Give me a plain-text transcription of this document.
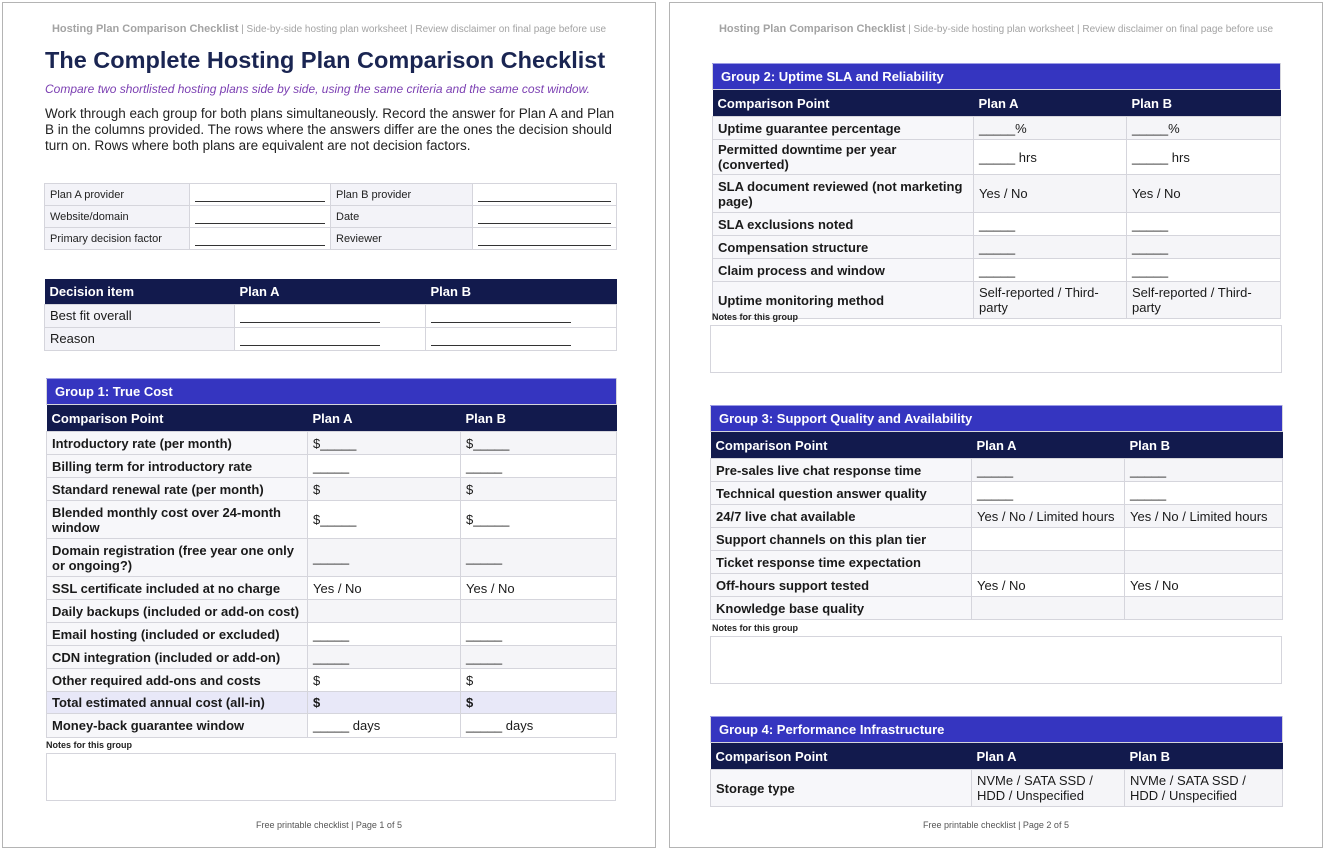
Hosting Plan Comparison Checklist | Side-by-side hosting plan worksheet | Review disclaimer on final page before use
The Complete Hosting Plan Comparison Checklist
Compare two shortlisted hosting plans side by side, using the same criteria and the same cost window.
Work through each group for both plans simultaneously. Record the answer for Plan A and Plan B in the columns provided. The rows where the answers differ are the ones the decision should turn on. Rows where both plans are equivalent are not decision factors.
Plan A provider		Plan B provider	

Website/domain		Date	

Primary decision factor		Reviewer	
Decision item	Plan A	Plan B
Best fit overall	

Reason	

Group 1: True Cost		
Comparison Point	Plan A	Plan B
Introductory rate (per month)	$_____	$_____
Billing term for introductory rate	_____	_____
Standard renewal rate (per month)	$	$
Blended monthly cost over 24-month window	$_____	$_____
Domain registration (free year one only or ongoing?)	_____	_____
SSL certificate included at no charge	Yes / No	Yes / No
Daily backups (included or add-on cost)		
Email hosting (included or excluded)	_____	_____
CDN integration (included or add-on)	_____	_____
Other required add-ons and costs	$	$
Total estimated annual cost (all-in)	$	$
Money-back guarantee window	_____ days	_____ days
Notes for this group
Free printable checklist | Page 1 of 5
Hosting Plan Comparison Checklist | Side-by-side hosting plan worksheet | Review disclaimer on final page before use
Group 2: Uptime SLA and Reliability		
Comparison Point	Plan A	Plan B
Uptime guarantee percentage	_____%	_____%
Permitted downtime per year (converted)	_____ hrs	_____ hrs
SLA document reviewed (not marketing page)	Yes / No	Yes / No
SLA exclusions noted	_____	_____
Compensation structure	_____	_____
Claim process and window	_____	_____
Uptime monitoring method	Self-reported / Third-party	Self-reported / Third-party
Notes for this group
Group 3: Support Quality and Availability		
Comparison Point	Plan A	Plan B
Pre-sales live chat response time	_____	_____
Technical question answer quality	_____	_____
24/7 live chat available	Yes / No / Limited hours	Yes / No / Limited hours
Support channels on this plan tier		
Ticket response time expectation		
Off-hours support tested	Yes / No	Yes / No
Knowledge base quality		
Notes for this group
Group 4: Performance Infrastructure		
Comparison Point	Plan A	Plan B
Storage type	NVMe / SATA SSD / HDD / Unspecified	NVMe / SATA SSD / HDD / Unspecified
Free printable checklist | Page 2 of 5
